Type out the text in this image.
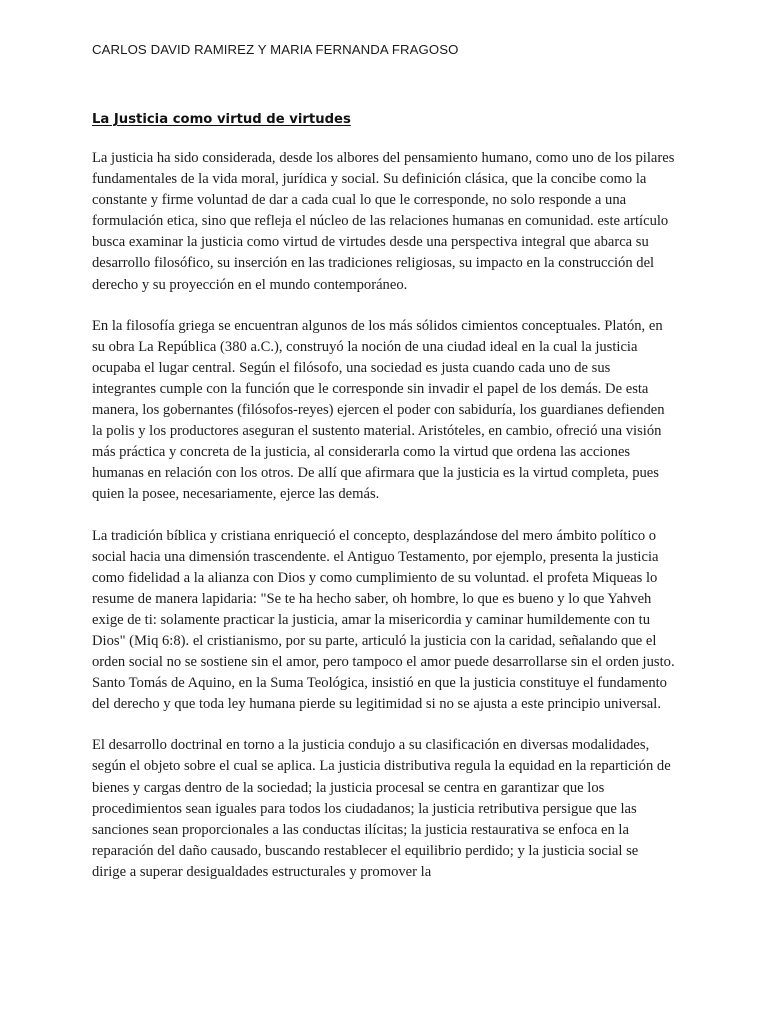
CARLOS DAVID RAMIREZ Y MARIA FERNANDA FRAGOSO
La Justicia como virtud de virtudes

La justicia ha sido considerada, desde los albores del pensamiento humano, como uno de los pilares fundamentales de la vida moral, jurídica y social. Su definición clásica, que la concibe como la constante y firme voluntad de dar a cada cual lo que le corresponde, no solo responde a una formulación etica, sino que refleja el núcleo de las relaciones humanas en comunidad. este artículo busca examinar la justicia como virtud de virtudes desde una perspectiva integral que abarca su desarrollo filosófico, su inserción en las tradiciones religiosas, su impacto en la construcción del derecho y su proyección en el mundo contemporáneo.

En la filosofía griega se encuentran algunos de los más sólidos cimientos conceptuales. Platón, en su obra La República (380 a.C.), construyó la noción de una ciudad ideal en la cual la justicia ocupaba el lugar central. Según el filósofo, una sociedad es justa cuando cada uno de sus integrantes cumple con la función que le corresponde sin invadir el papel de los demás. De esta manera, los gobernantes (filósofos-reyes) ejercen el poder con sabiduría, los guardianes defienden la polis y los productores aseguran el sustento material. Aristóteles, en cambio, ofreció una visión más práctica y concreta de la justicia, al considerarla como la virtud que ordena las acciones humanas en relación con los otros. De allí que afirmara que la justicia es la virtud completa, pues quien la posee, necesariamente, ejerce las demás.

La tradición bíblica y cristiana enriqueció el concepto, desplazándose del mero ámbito político o social hacia una dimensión trascendente. el Antiguo Testamento, por ejemplo, presenta la justicia como fidelidad a la alianza con Dios y como cumplimiento de su voluntad. el profeta Miqueas lo resume de manera lapidaria: "Se te ha hecho saber, oh hombre, lo que es bueno y lo que Yahveh exige de ti: solamente practicar la justicia, amar la misericordia y caminar humildemente con tu Dios" (Miq 6:8). el cristianismo, por su parte, articuló la justicia con la caridad, señalando que el orden social no se sostiene sin el amor, pero tampoco el amor puede desarrollarse sin el orden justo. Santo Tomás de Aquino, en la Suma Teológica, insistió en que la justicia constituye el fundamento del derecho y que toda ley humana pierde su legitimidad si no se ajusta a este principio universal.

El desarrollo doctrinal en torno a la justicia condujo a su clasificación en diversas modalidades, según el objeto sobre el cual se aplica. La justicia distributiva regula la equidad en la repartición de bienes y cargas dentro de la sociedad; la justicia procesal se centra en garantizar que los procedimientos sean iguales para todos los ciudadanos; la justicia retributiva persigue que las sanciones sean proporcionales a las conductas ilícitas; la justicia restaurativa se enfoca en la reparación del daño causado, buscando restablecer el equilibrio perdido; y la justicia social se dirige a superar desigualdades estructurales y promover la
